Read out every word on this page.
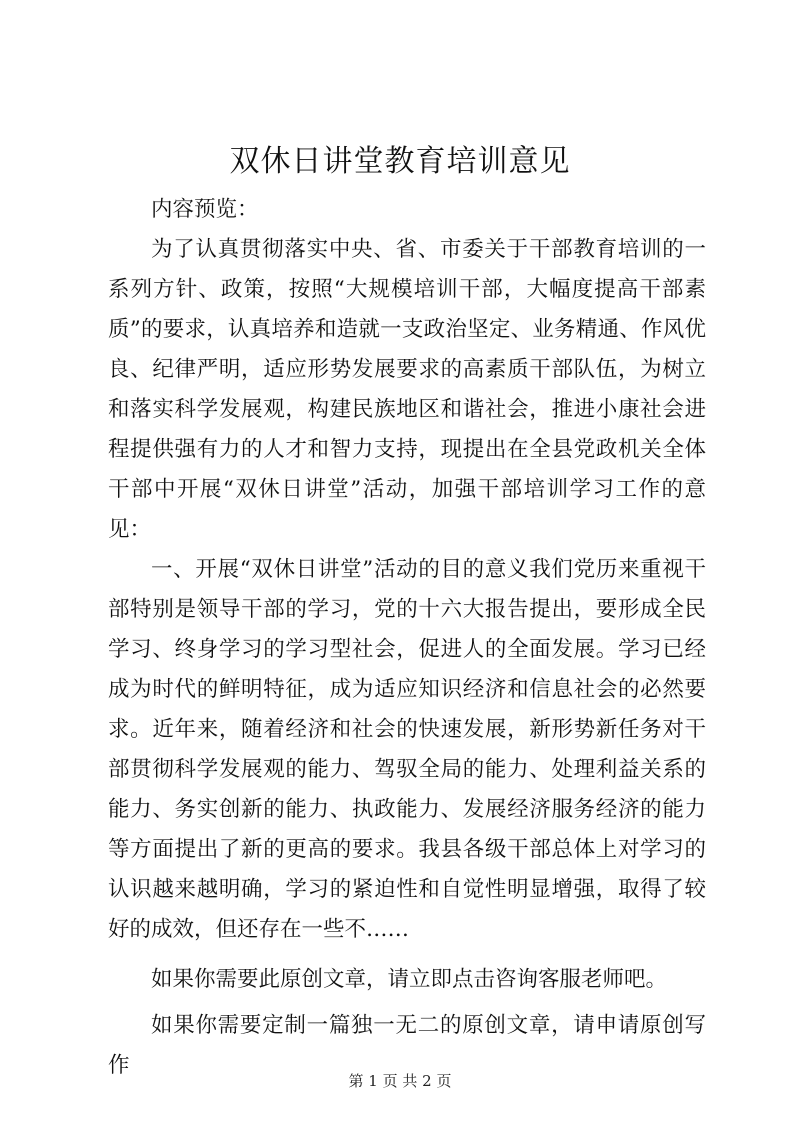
双休日讲堂教育培训意见

内容预览：

为了认真贯彻落实中央、省、市委关于干部教育培训的一系列方针、政策，按照“大规模培训干部，大幅度提高干部素质”的要求，认真培养和造就一支政治坚定、业务精通、作风优良、纪律严明，适应形势发展要求的高素质干部队伍，为树立和落实科学发展观，构建民族地区和谐社会，推进小康社会进程提供强有力的人才和智力支持，现提出在全县党政机关全体干部中开展“双休日讲堂”活动，加强干部培训学习工作的意见：

一、开展“双休日讲堂”活动的目的意义我们党历来重视干部特别是领导干部的学习，党的十六大报告提出，要形成全民学习、终身学习的学习型社会，促进人的全面发展。学习已经成为时代的鲜明特征，成为适应知识经济和信息社会的必然要求。近年来，随着经济和社会的快速发展，新形势新任务对干部贯彻科学发展观的能力、驾驭全局的能力、处理利益关系的能力、务实创新的能力、执政能力、发展经济服务经济的能力等方面提出了新的更高的要求。我县各级干部总体上对学习的认识越来越明确，学习的紧迫性和自觉性明显增强，取得了较好的成效，但还存在一些不……

如果你需要此原创文章，请立即点击咨询客服老师吧。

如果你需要定制一篇独一无二的原创文章，请申请原创写作

第 1 页 共 2 页
